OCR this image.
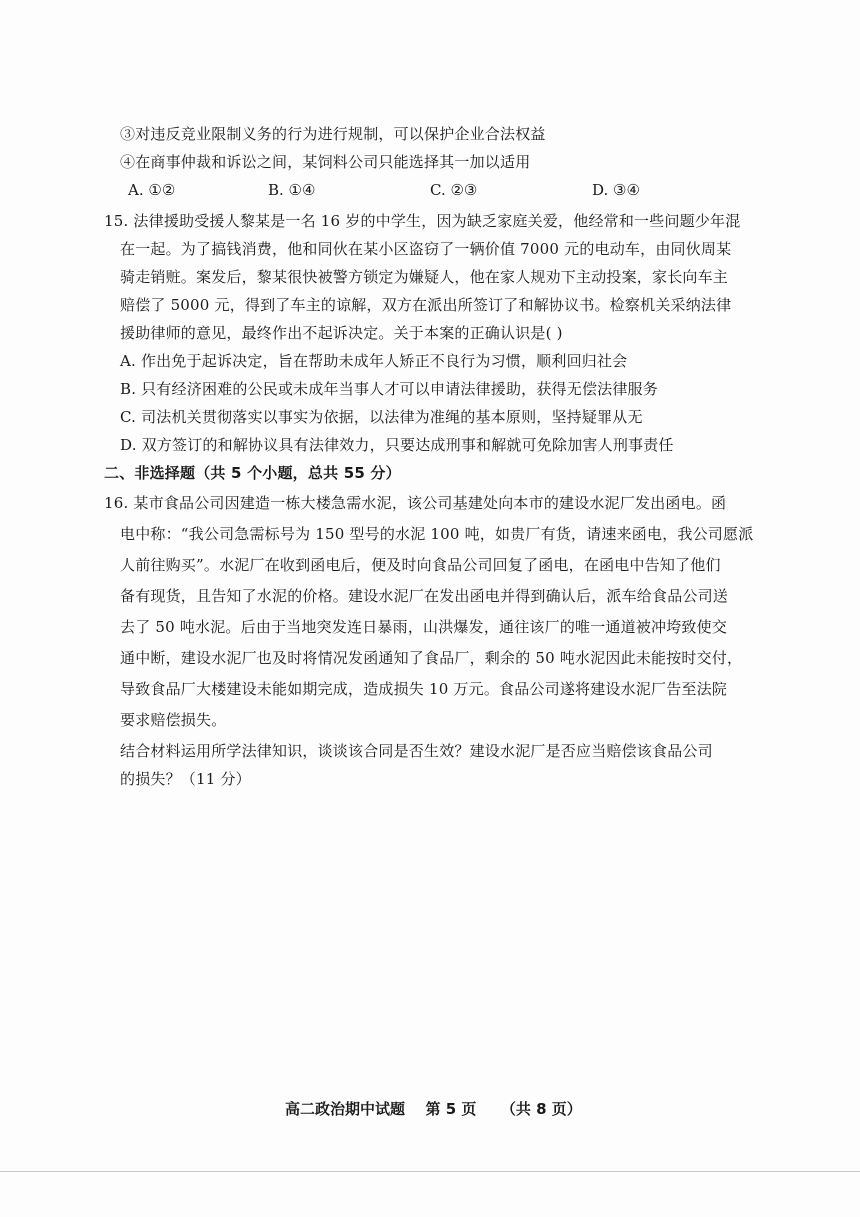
③对违反竞业限制义务的行为进行规制，可以保护企业合法权益
④在商事仲裁和诉讼之间，某饲料公司只能选择其一加以适用
A. ①②	B. ①④	C. ②③	D. ③④
15. 法律援助受援人黎某是一名 16 岁的中学生，因为缺乏家庭关爱，他经常和一些问题少年混
在一起。为了搞钱消费，他和同伙在某小区盗窃了一辆价值 7000 元的电动车，由同伙周某
骑走销赃。案发后，黎某很快被警方锁定为嫌疑人，他在家人规劝下主动投案，家长向车主
赔偿了 5000 元，得到了车主的谅解，双方在派出所签订了和解协议书。检察机关采纳法律
援助律师的意见，最终作出不起诉决定。关于本案的正确认识是( )
A. 作出免于起诉决定，旨在帮助未成年人矫正不良行为习惯，顺利回归社会
B. 只有经济困难的公民或未成年当事人才可以申请法律援助，获得无偿法律服务
C. 司法机关贯彻落实以事实为依据，以法律为准绳的基本原则，坚持疑罪从无
D. 双方签订的和解协议具有法律效力，只要达成刑事和解就可免除加害人刑事责任
二、非选择题（共 5 个小题，总共 55 分）
16. 某市食品公司因建造一栋大楼急需水泥，该公司基建处向本市的建设水泥厂发出函电。函
电中称：“我公司急需标号为 150 型号的水泥 100 吨，如贵厂有货，请速来函电，我公司愿派
人前往购买”。水泥厂在收到函电后，便及时向食品公司回复了函电，在函电中告知了他们
备有现货，且告知了水泥的价格。建设水泥厂在发出函电并得到确认后，派车给食品公司送
去了 50 吨水泥。后由于当地突发连日暴雨，山洪爆发，通往该厂的唯一通道被冲垮致使交
通中断，建设水泥厂也及时将情况发函通知了食品厂，剩余的 50 吨水泥因此未能按时交付，
导致食品厂大楼建设未能如期完成，造成损失 10 万元。食品公司遂将建设水泥厂告至法院
要求赔偿损失。
结合材料运用所学法律知识，谈谈该合同是否生效？建设水泥厂是否应当赔偿该食品公司
的损失？（11 分）
高二政治期中试题 第 5 页 （共 8 页）
